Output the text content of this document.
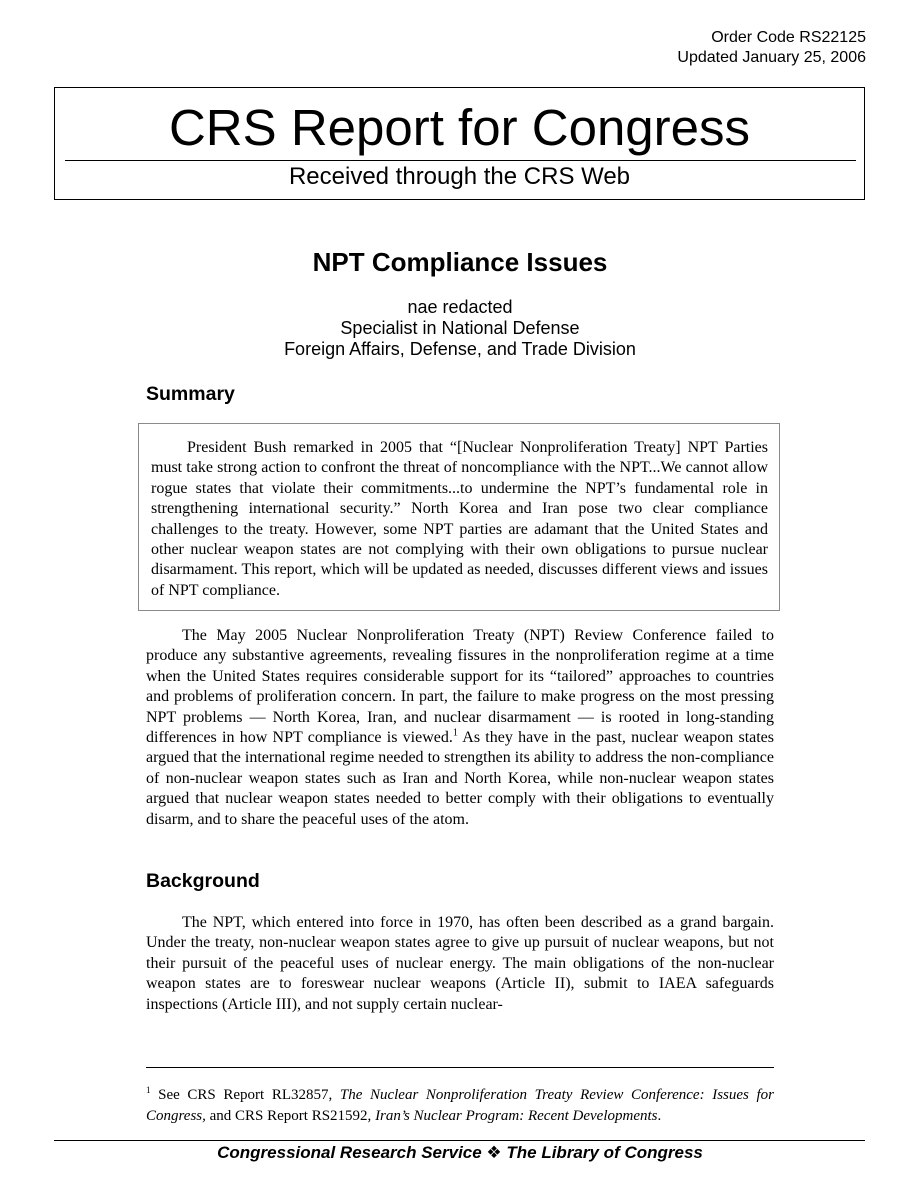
Order Code RS22125
Updated January 25, 2006
CRS Report for Congress
Received through the CRS Web
NPT Compliance Issues
nae redacted
Specialist in National Defense
Foreign Affairs, Defense, and Trade Division
Summary

President Bush remarked in 2005 that “[Nuclear Nonproliferation Treaty] NPT Parties must take strong action to confront the threat of noncompliance with the NPT...We cannot allow rogue states that violate their commitments...to undermine the NPT’s fundamental role in strengthening international security.” North Korea and Iran pose two clear compliance challenges to the treaty. However, some NPT parties are adamant that the United States and other nuclear weapon states are not complying with their own obligations to pursue nuclear disarmament. This report, which will be updated as needed, discusses different views and issues of NPT compliance.

The May 2005 Nuclear Nonproliferation Treaty (NPT) Review Conference failed to produce any substantive agreements, revealing fissures in the nonproliferation regime at a time when the United States requires considerable support for its “tailored” approaches to countries and problems of proliferation concern. In part, the failure to make progress on the most pressing NPT problems — North Korea, Iran, and nuclear disarmament — is rooted in long-standing differences in how NPT compliance is viewed.$^1$ As they have in the past, nuclear weapon states argued that the international regime needed to strengthen its ability to address the non-compliance of non-nuclear weapon states such as Iran and North Korea, while non-nuclear weapon states argued that nuclear weapon states needed to better comply with their obligations to eventually disarm, and to share the peaceful uses of the atom.

Background

The NPT, which entered into force in 1970, has often been described as a grand bargain. Under the treaty, non-nuclear weapon states agree to give up pursuit of nuclear weapons, but not their pursuit of the peaceful uses of nuclear energy. The main obligations of the non-nuclear weapon states are to foreswear nuclear weapons (Article II), submit to IAEA safeguards inspections (Article III), and not supply certain nuclear-

$^1$ See CRS Report RL32857, The Nuclear Nonproliferation Treaty Review Conference: Issues for Congress, and CRS Report RS21592, Iran’s Nuclear Program: Recent Developments.
Congressional Research Service ❖ The Library of Congress
